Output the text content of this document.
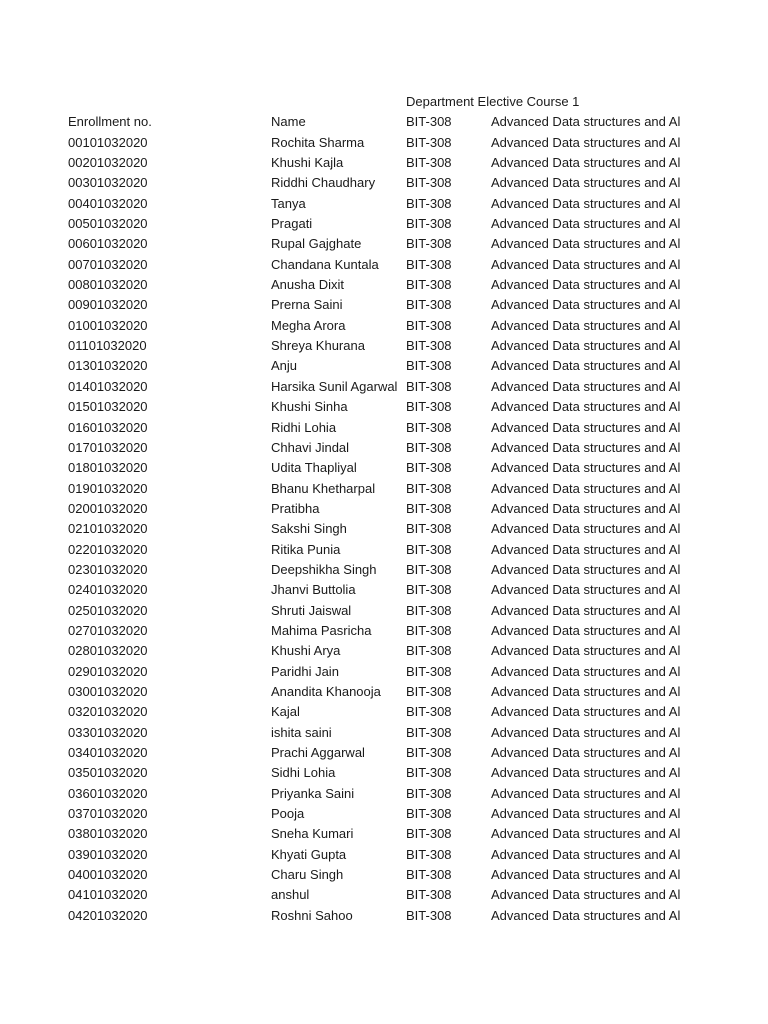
Department Elective Course 1
Enrollment no.	Name	BIT-308	Advanced Data structures and Al
00101032020	Rochita Sharma	BIT-308	Advanced Data structures and Al
00201032020	Khushi Kajla	BIT-308	Advanced Data structures and Al
00301032020	Riddhi Chaudhary	BIT-308	Advanced Data structures and Al
00401032020	Tanya	BIT-308	Advanced Data structures and Al
00501032020	Pragati	BIT-308	Advanced Data structures and Al
00601032020	Rupal Gajghate	BIT-308	Advanced Data structures and Al
00701032020	Chandana Kuntala	BIT-308	Advanced Data structures and Al
00801032020	Anusha Dixit	BIT-308	Advanced Data structures and Al
00901032020	Prerna Saini	BIT-308	Advanced Data structures and Al
01001032020	Megha Arora	BIT-308	Advanced Data structures and Al
01101032020	Shreya Khurana	BIT-308	Advanced Data structures and Al
01301032020	Anju	BIT-308	Advanced Data structures and Al
01401032020	Harsika Sunil Agarwal BIT-308	Advanced Data structures and Al
01501032020	Khushi Sinha	BIT-308	Advanced Data structures and Al
01601032020	Ridhi Lohia	BIT-308	Advanced Data structures and Al
01701032020	Chhavi Jindal	BIT-308	Advanced Data structures and Al
01801032020	Udita Thapliyal	BIT-308	Advanced Data structures and Al
01901032020	Bhanu Khetharpal	BIT-308	Advanced Data structures and Al
02001032020	Pratibha	BIT-308	Advanced Data structures and Al
02101032020	Sakshi Singh	BIT-308	Advanced Data structures and Al
02201032020	Ritika Punia	BIT-308	Advanced Data structures and Al
02301032020	Deepshikha Singh	BIT-308	Advanced Data structures and Al
02401032020	Jhanvi Buttolia	BIT-308	Advanced Data structures and Al
02501032020	Shruti Jaiswal	BIT-308	Advanced Data structures and Al
02701032020	Mahima Pasricha	BIT-308	Advanced Data structures and Al
02801032020	Khushi Arya	BIT-308	Advanced Data structures and Al
02901032020	Paridhi Jain	BIT-308	Advanced Data structures and Al
03001032020	Anandita Khanooja	BIT-308	Advanced Data structures and Al
03201032020	Kajal	BIT-308	Advanced Data structures and Al
03301032020	ishita saini	BIT-308	Advanced Data structures and Al
03401032020	Prachi Aggarwal	BIT-308	Advanced Data structures and Al
03501032020	Sidhi Lohia	BIT-308	Advanced Data structures and Al
03601032020	Priyanka Saini	BIT-308	Advanced Data structures and Al
03701032020	Pooja	BIT-308	Advanced Data structures and Al
03801032020	Sneha Kumari	BIT-308	Advanced Data structures and Al
03901032020	Khyati Gupta	BIT-308	Advanced Data structures and Al
04001032020	Charu Singh	BIT-308	Advanced Data structures and Al
04101032020	anshul	BIT-308	Advanced Data structures and Al
04201032020	Roshni Sahoo	BIT-308	Advanced Data structures and Al
